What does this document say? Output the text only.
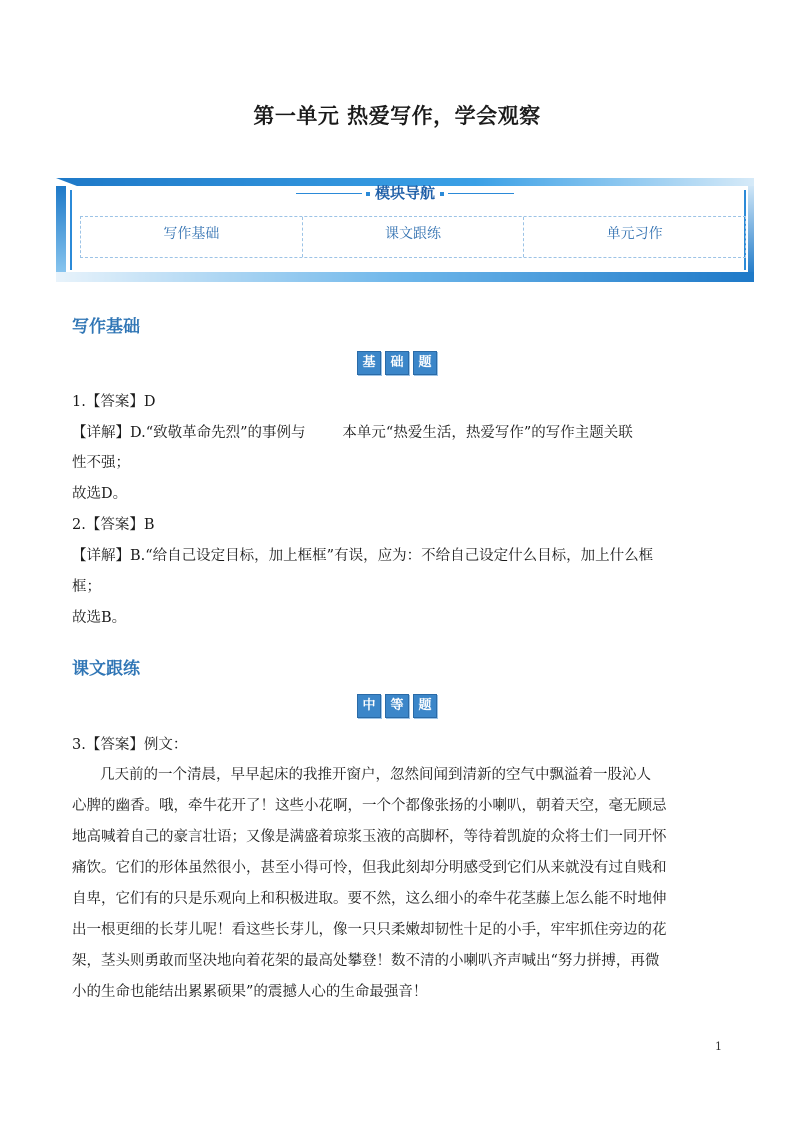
第一单元 热爱写作，学会观察
模块导航
写作基础	课文跟练	单元习作
写作基础
基	础	题
1.【答案】D
【详解】D.“致敬革命先烈”的事例与        本单元“热爱生活，热爱写作”的写作主题关联
性不强；
故选D。
2.【答案】B
【详解】B.“给自己设定目标，加上框框”有误，应为：不给自己设定什么目标，加上什么框
框；
故选B。
课文跟练
中	等	题
3.【答案】例文：
几天前的一个清晨，早早起床的我推开窗户，忽然间闻到清新的空气中飘溢着一股沁人
心脾的幽香。哦，牵牛花开了！这些小花啊，一个个都像张扬的小喇叭，朝着天空，毫无顾忌
地高喊着自己的豪言壮语；又像是满盛着琼浆玉液的高脚杯，等待着凯旋的众将士们一同开怀
痛饮。它们的形体虽然很小，甚至小得可怜，但我此刻却分明感受到它们从来就没有过自贱和
自卑，它们有的只是乐观向上和积极进取。要不然，这么细小的牵牛花茎藤上怎么能不时地伸
出一根更细的长芽儿呢！看这些长芽儿，像一只只柔嫩却韧性十足的小手，牢牢抓住旁边的花
架，茎头则勇敢而坚决地向着花架的最高处攀登！数不清的小喇叭齐声喊出“努力拼搏，再微
小的生命也能结出累累硕果”的震撼人心的生命最强音！
1
